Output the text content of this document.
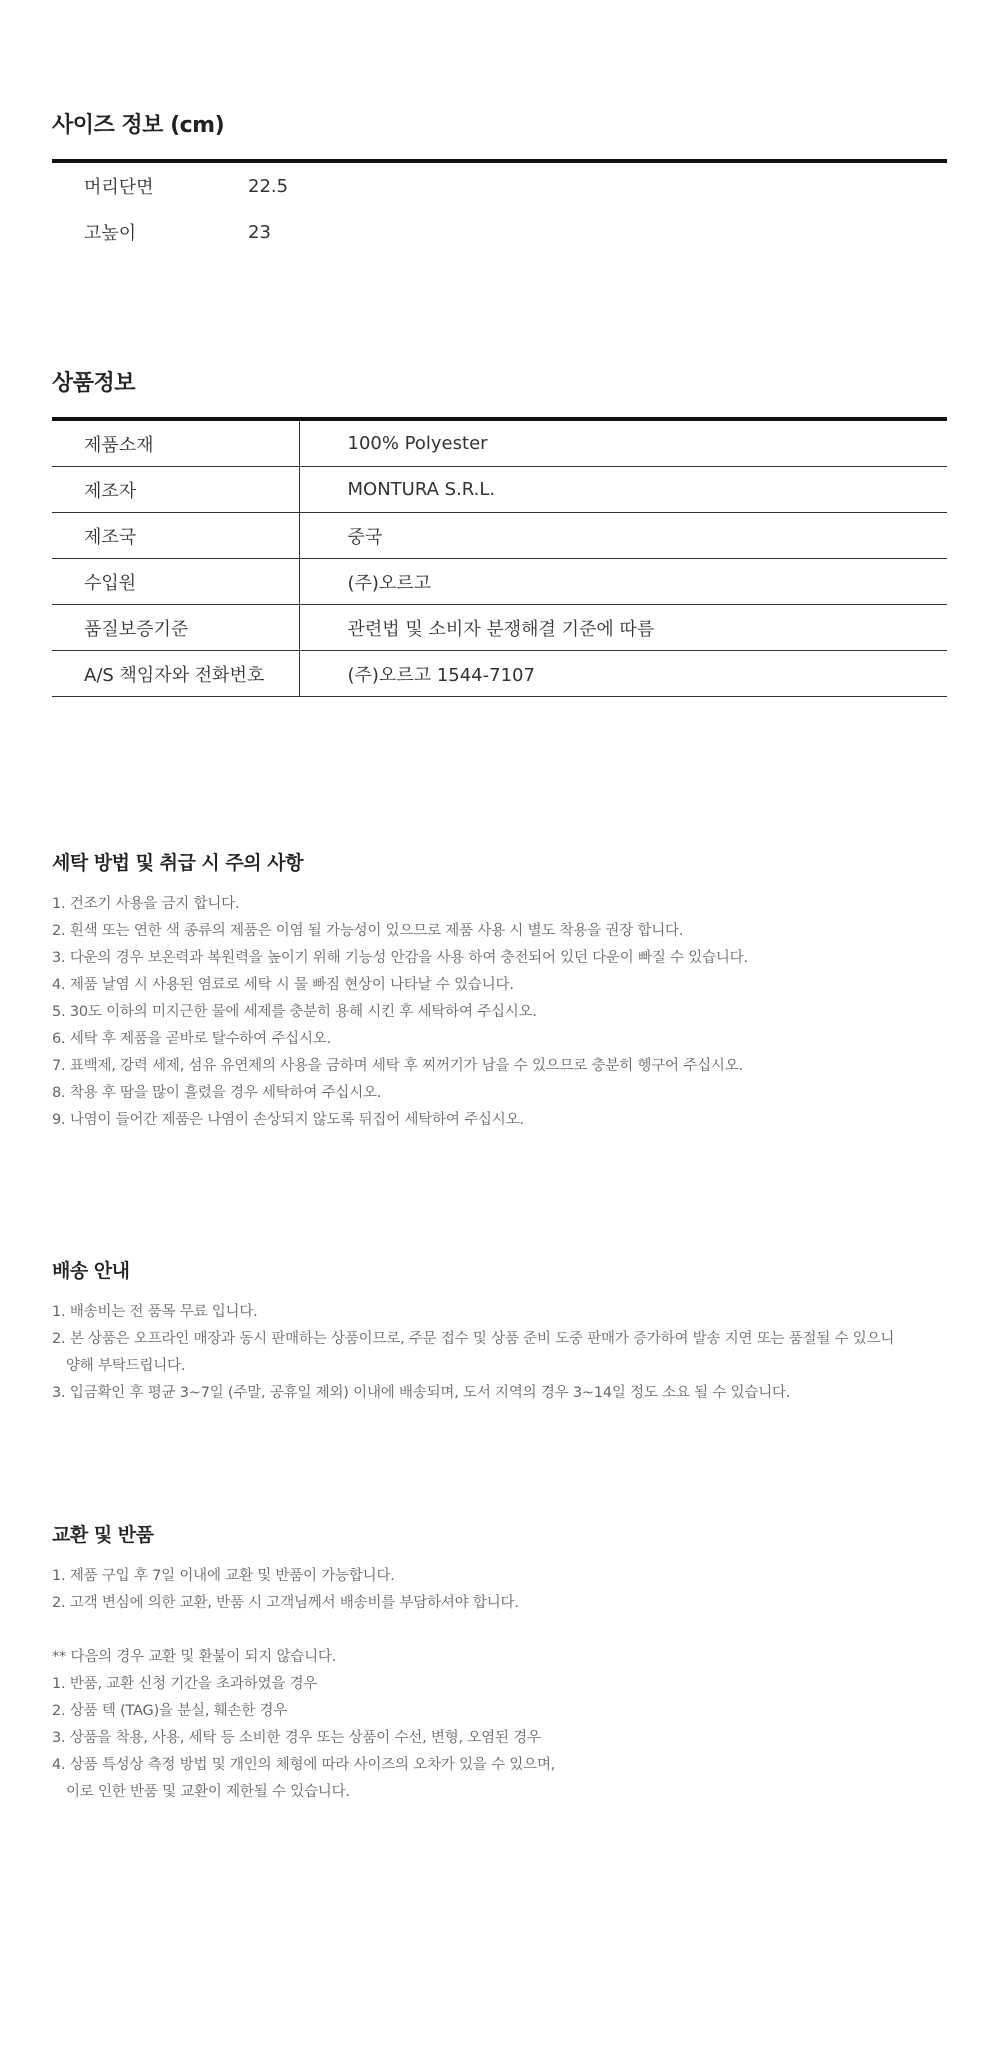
사이즈 정보 (cm)
머리단면	22.5
고높이	23
상품정보
제품소재	100% Polyester
제조자	MONTURA S.R.L.
제조국	중국
수입원	(주)오르고
품질보증기준	관련법 및 소비자 분쟁해결 기준에 따름
A/S 책임자와 전화번호	(주)오르고 1544-7107
세탁 방법 및 취급 시 주의 사항
1. 건조기 사용을 금지 합니다.
2. 흰색 또는 연한 색 종류의 제품은 이염 될 가능성이 있으므로 제품 사용 시 별도 착용을 권장 합니다.
3. 다운의 경우 보온력과 복원력을 높이기 위해 기능성 안감을 사용 하여 충전되어 있던 다운이 빠질 수 있습니다.
4. 제품 날염 시 사용된 염료로 세탁 시 물 빠짐 현상이 나타날 수 있습니다.
5. 30도 이하의 미지근한 물에 세제를 충분히 용해 시킨 후 세탁하여 주십시오.
6. 세탁 후 제품을 곧바로 탈수하여 주십시오.
7. 표백제, 강력 세제, 섬유 유연제의 사용을 금하며 세탁 후 찌꺼기가 남을 수 있으므로 충분히 헹구어 주십시오.
8. 착용 후 땀을 많이 흘렸을 경우 세탁하여 주십시오.
9. 나염이 들어간 제품은 나염이 손상되지 않도록 뒤집어 세탁하여 주십시오.
배송 안내
1. 배송비는 전 품목 무료 입니다.
2. 본 상품은 오프라인 매장과 동시 판매하는 상품이므로, 주문 접수 및 상품 준비 도중 판매가 증가하여 발송 지연 또는 품절될 수 있으니
양해 부탁드립니다.
3. 입금확인 후 평균 3~7일 (주말, 공휴일 제외) 이내에 배송되며, 도서 지역의 경우 3~14일 정도 소요 될 수 있습니다.
교환 및 반품
1. 제품 구입 후 7일 이내에 교환 및 반품이 가능합니다.
2. 고객 변심에 의한 교환, 반품 시 고객님께서 배송비를 부담하셔야 합니다.
** 다음의 경우 교환 및 환불이 되지 않습니다.
1. 반품, 교환 신청 기간을 초과하였을 경우
2. 상품 텍 (TAG)을 분실, 훼손한 경우
3. 상품을 착용, 사용, 세탁 등 소비한 경우 또는 상품이 수선, 변형, 오염된 경우
4. 상품 특성상 측정 방법 및 개인의 체형에 따라 사이즈의 오차가 있을 수 있으며,
이로 인한 반품 및 교환이 제한될 수 있습니다.
